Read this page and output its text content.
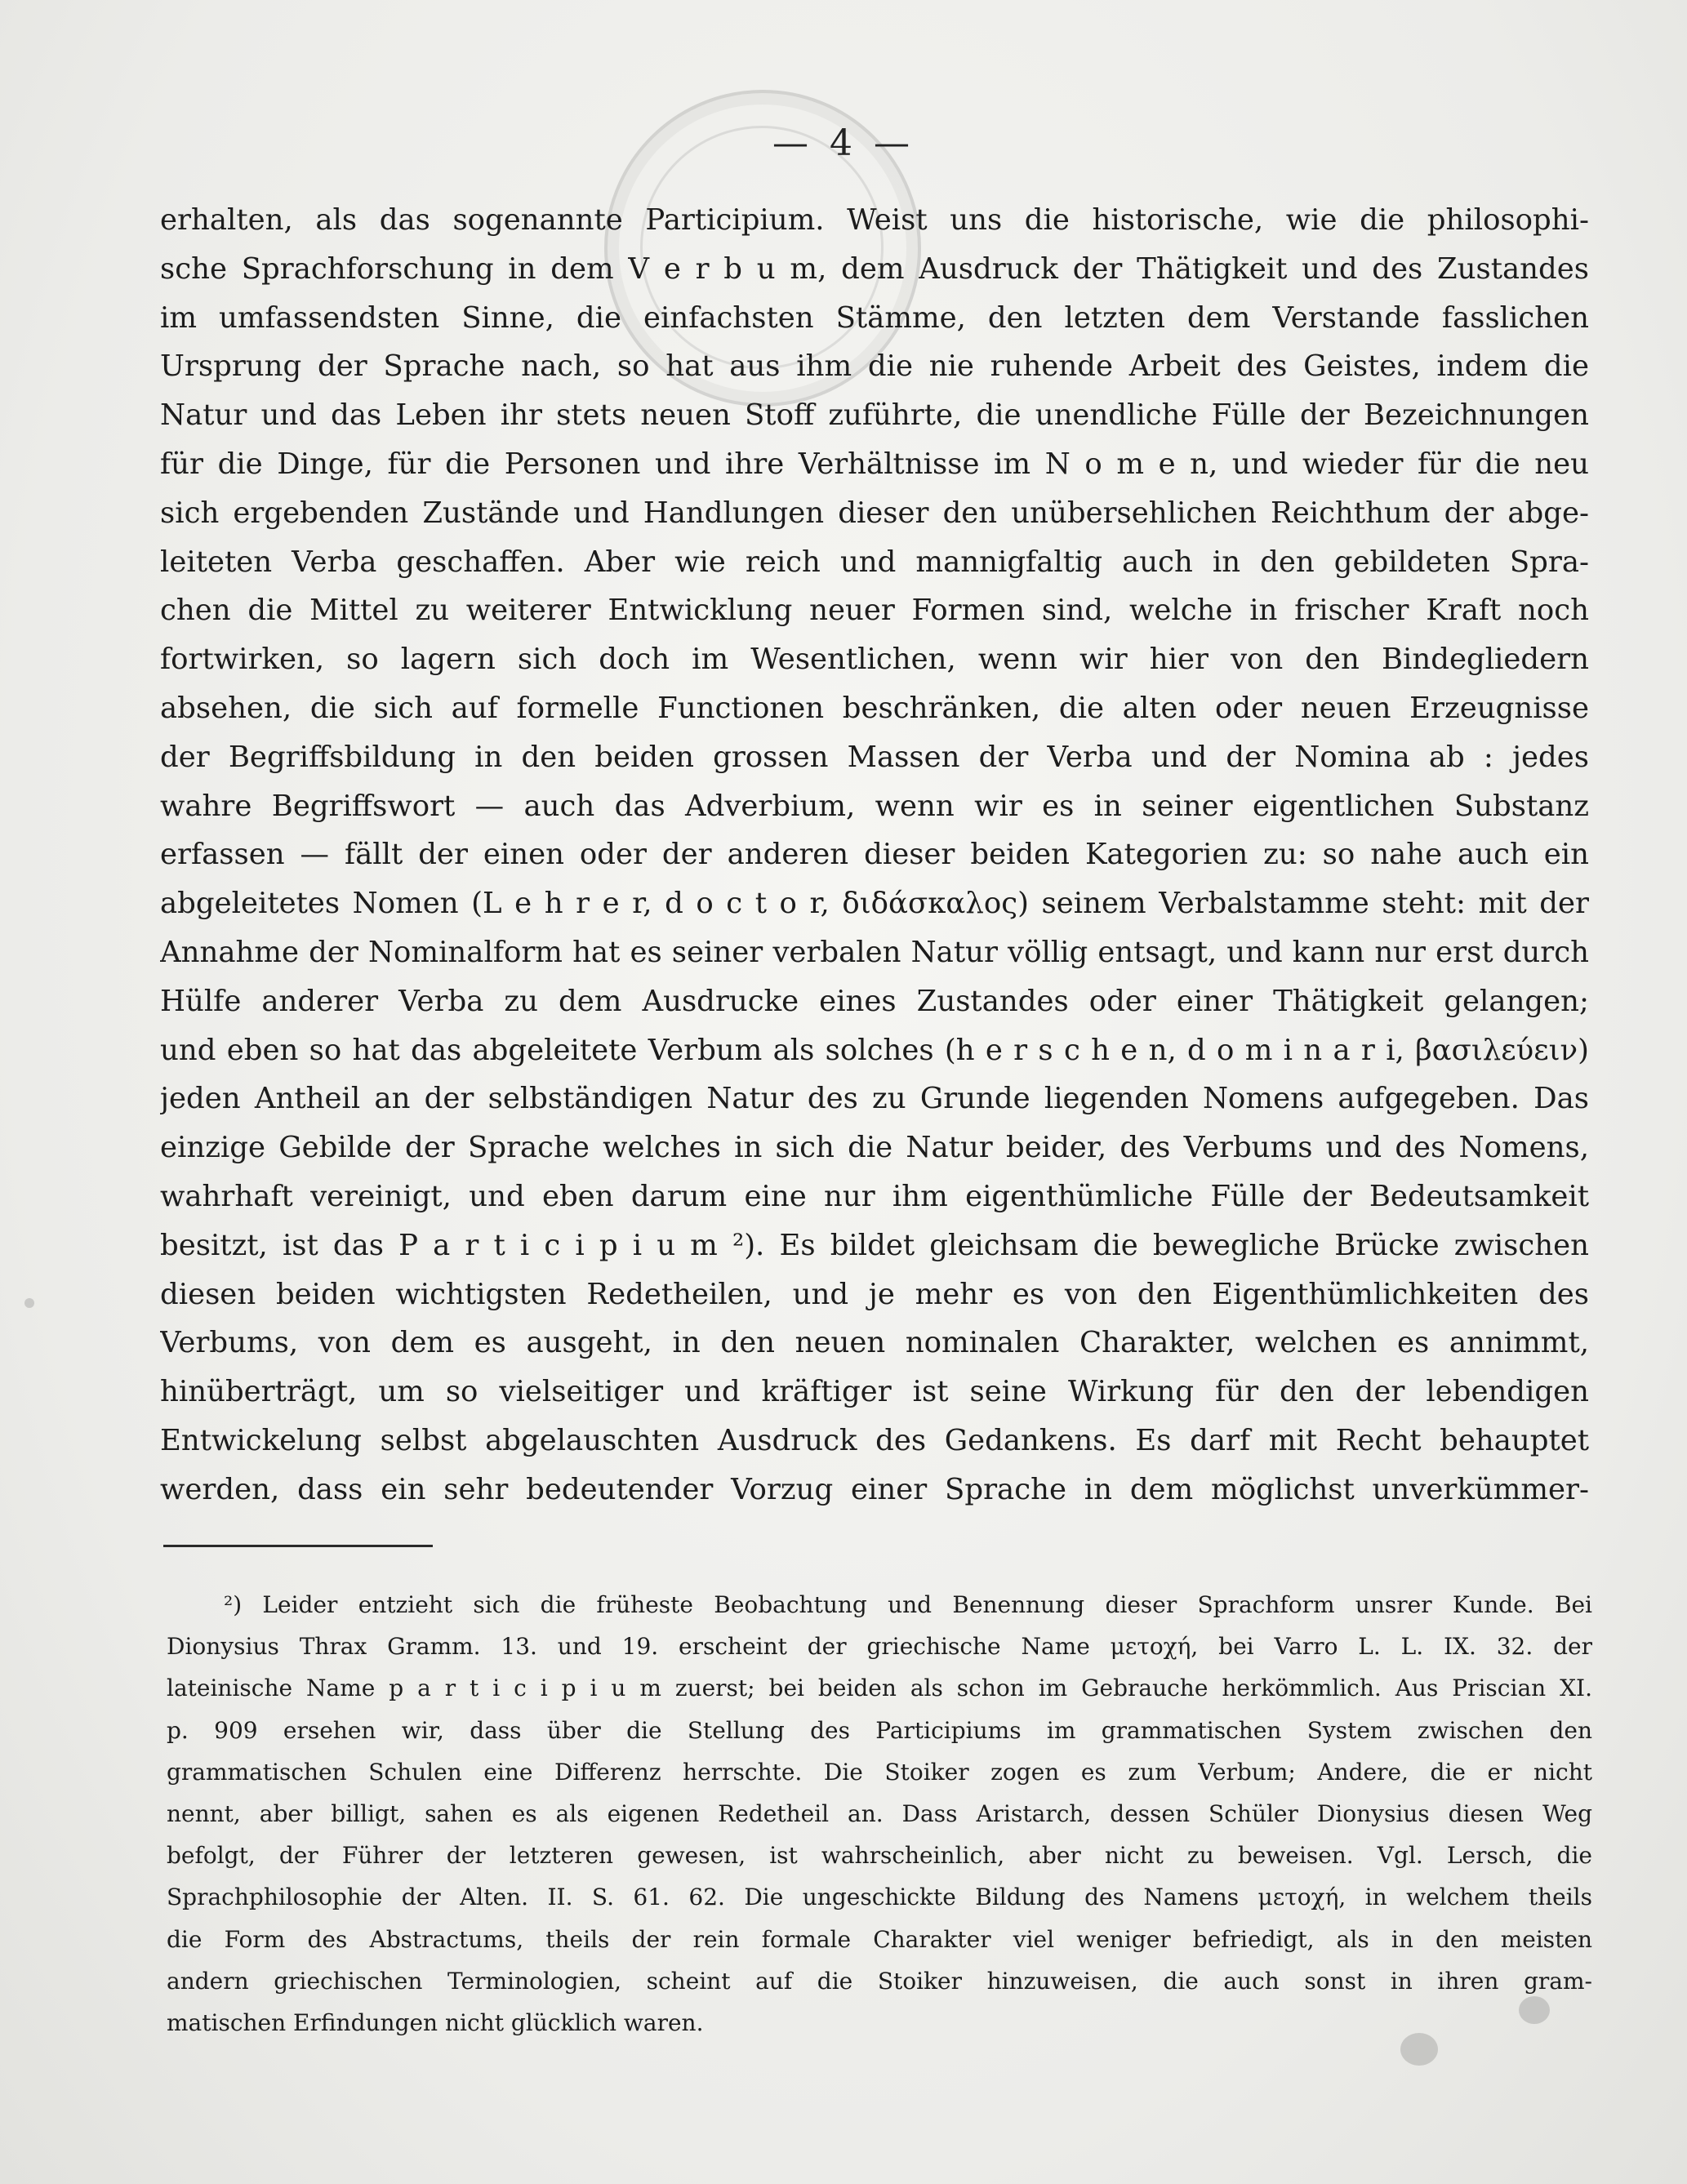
— 4 —
erhalten, als das sogenannte Participium. Weist uns die historische, wie die philosophi-
sche Sprachforschung in dem V e r b u m, dem Ausdruck der Thätigkeit und des Zustandes
im umfassendsten Sinne, die einfachsten Stämme, den letzten dem Verstande fasslichen
Ursprung der Sprache nach, so hat aus ihm die nie ruhende Arbeit des Geistes, indem die
Natur und das Leben ihr stets neuen Stoff zuführte, die unendliche Fülle der Bezeichnungen
für die Dinge, für die Personen und ihre Verhältnisse im N o m e n, und wieder für die neu
sich ergebenden Zustände und Handlungen dieser den unübersehlichen Reichthum der abge-
leiteten Verba geschaffen. Aber wie reich und mannigfaltig auch in den gebildeten Spra-
chen die Mittel zu weiterer Entwicklung neuer Formen sind, welche in frischer Kraft noch
fortwirken, so lagern sich doch im Wesentlichen, wenn wir hier von den Bindegliedern
absehen, die sich auf formelle Functionen beschränken, die alten oder neuen Erzeugnisse
der Begriffsbildung in den beiden grossen Massen der Verba und der Nomina ab : jedes
wahre Begriffswort — auch das Adverbium, wenn wir es in seiner eigentlichen Substanz
erfassen — fällt der einen oder der anderen dieser beiden Kategorien zu: so nahe auch ein
abgeleitetes Nomen (L e h r e r, d o c t o r, διδάσκαλος) seinem Verbalstamme steht: mit der
Annahme der Nominalform hat es seiner verbalen Natur völlig entsagt, und kann nur erst durch
Hülfe anderer Verba zu dem Ausdrucke eines Zustandes oder einer Thätigkeit gelangen;
und eben so hat das abgeleitete Verbum als solches (h e r s c h e n, d o m i n a r i, βασιλεύειν)
jeden Antheil an der selbständigen Natur des zu Grunde liegenden Nomens aufgegeben. Das
einzige Gebilde der Sprache welches in sich die Natur beider, des Verbums und des Nomens,
wahrhaft vereinigt, und eben darum eine nur ihm eigenthümliche Fülle der Bedeutsamkeit
besitzt, ist das P a r t i c i p i u m ²). Es bildet gleichsam die bewegliche Brücke zwischen
diesen beiden wichtigsten Redetheilen, und je mehr es von den Eigenthümlichkeiten des
Verbums, von dem es ausgeht, in den neuen nominalen Charakter, welchen es annimmt,
hinüberträgt, um so vielseitiger und kräftiger ist seine Wirkung für den der lebendigen
Entwickelung selbst abgelauschten Ausdruck des Gedankens. Es darf mit Recht behauptet
werden, dass ein sehr bedeutender Vorzug einer Sprache in dem möglichst unverkümmer-
²) Leider entzieht sich die früheste Beobachtung und Benennung dieser Sprachform unsrer Kunde. Bei
Dionysius Thrax Gramm. 13. und 19. erscheint der griechische Name μετοχή, bei Varro L. L. IX. 32. der
lateinische Name p a r t i c i p i u m zuerst; bei beiden als schon im Gebrauche herkömmlich. Aus Priscian XI.
p. 909 ersehen wir, dass über die Stellung des Participiums im grammatischen System zwischen den
grammatischen Schulen eine Differenz herrschte. Die Stoiker zogen es zum Verbum; Andere, die er nicht
nennt, aber billigt, sahen es als eigenen Redetheil an. Dass Aristarch, dessen Schüler Dionysius diesen Weg
befolgt, der Führer der letzteren gewesen, ist wahrscheinlich, aber nicht zu beweisen. Vgl. Lersch, die
Sprachphilosophie der Alten. II. S. 61. 62. Die ungeschickte Bildung des Namens μετοχή, in welchem theils
die Form des Abstractums, theils der rein formale Charakter viel weniger befriedigt, als in den meisten
andern griechischen Terminologien, scheint auf die Stoiker hinzuweisen, die auch sonst in ihren gram-
matischen Erfindungen nicht glücklich waren.
